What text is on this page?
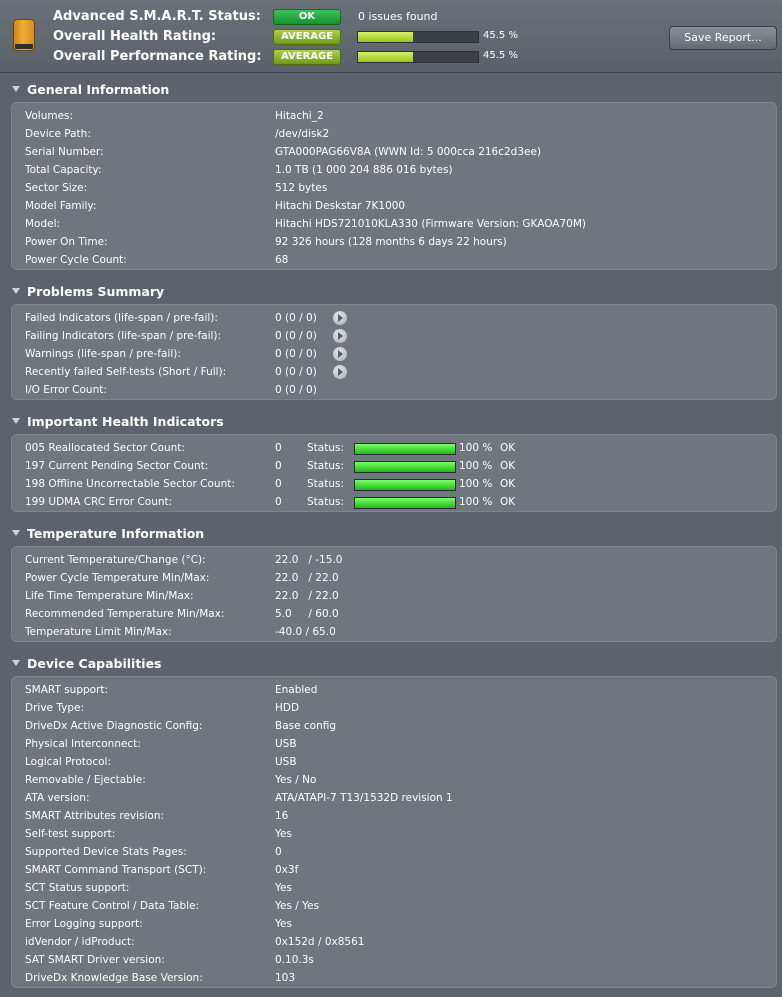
Advanced S.M.A.R.T. Status:	OK	0 issues found
Overall Health Rating:	AVERAGE	45.5 %
Overall Performance Rating:	AVERAGE	45.5 %
Save Report...
General Information
Volumes:	Hitachi_2
Device Path:	/dev/disk2
Serial Number:	GTA000PAG66V8A (WWN Id: 5 000cca 216c2d3ee)
Total Capacity:	1.0 TB (1 000 204 886 016 bytes)
Sector Size:	512 bytes
Model Family:	Hitachi Deskstar 7K1000
Model:	Hitachi HDS721010KLA330 (Firmware Version: GKAOA70M)
Power On Time:	92 326 hours (128 months 6 days 22 hours)
Power Cycle Count:	68
Problems Summary
Failed Indicators (life-span / pre-fail):	0 (0 / 0)
Failing Indicators (life-span / pre-fail):	0 (0 / 0)
Warnings (life-span / pre-fail):	0 (0 / 0)
Recently failed Self-tests (Short / Full):	0 (0 / 0)
I/O Error Count:	0 (0 / 0)
Important Health Indicators
005 Reallocated Sector Count:	0 Status:	100 % OK
197 Current Pending Sector Count:	0 Status:	100 % OK
198 Offline Uncorrectable Sector Count:	0 Status:	100 % OK
199 UDMA CRC Error Count:	0 Status:	100 % OK
Temperature Information
Current Temperature/Change (°C):	22.0   / -15.0
Power Cycle Temperature Min/Max:	22.0   / 22.0
Life Time Temperature Min/Max:	22.0   / 22.0
Recommended Temperature Min/Max:	5.0     / 60.0
Temperature Limit Min/Max:	-40.0 / 65.0
Device Capabilities
SMART support:	Enabled
Drive Type:	HDD
DriveDx Active Diagnostic Config:	Base config
Physical Interconnect:	USB
Logical Protocol:	USB
Removable / Ejectable:	Yes / No
ATA version:	ATA/ATAPI-7 T13/1532D revision 1
SMART Attributes revision:	16
Self-test support:	Yes
Supported Device Stats Pages:	0
SMART Command Transport (SCT):	0x3f
SCT Status support:	Yes
SCT Feature Control / Data Table:	Yes / Yes
Error Logging support:	Yes
idVendor / idProduct:	0x152d / 0x8561
SAT SMART Driver version:	0.10.3s
DriveDx Knowledge Base Version:	103
